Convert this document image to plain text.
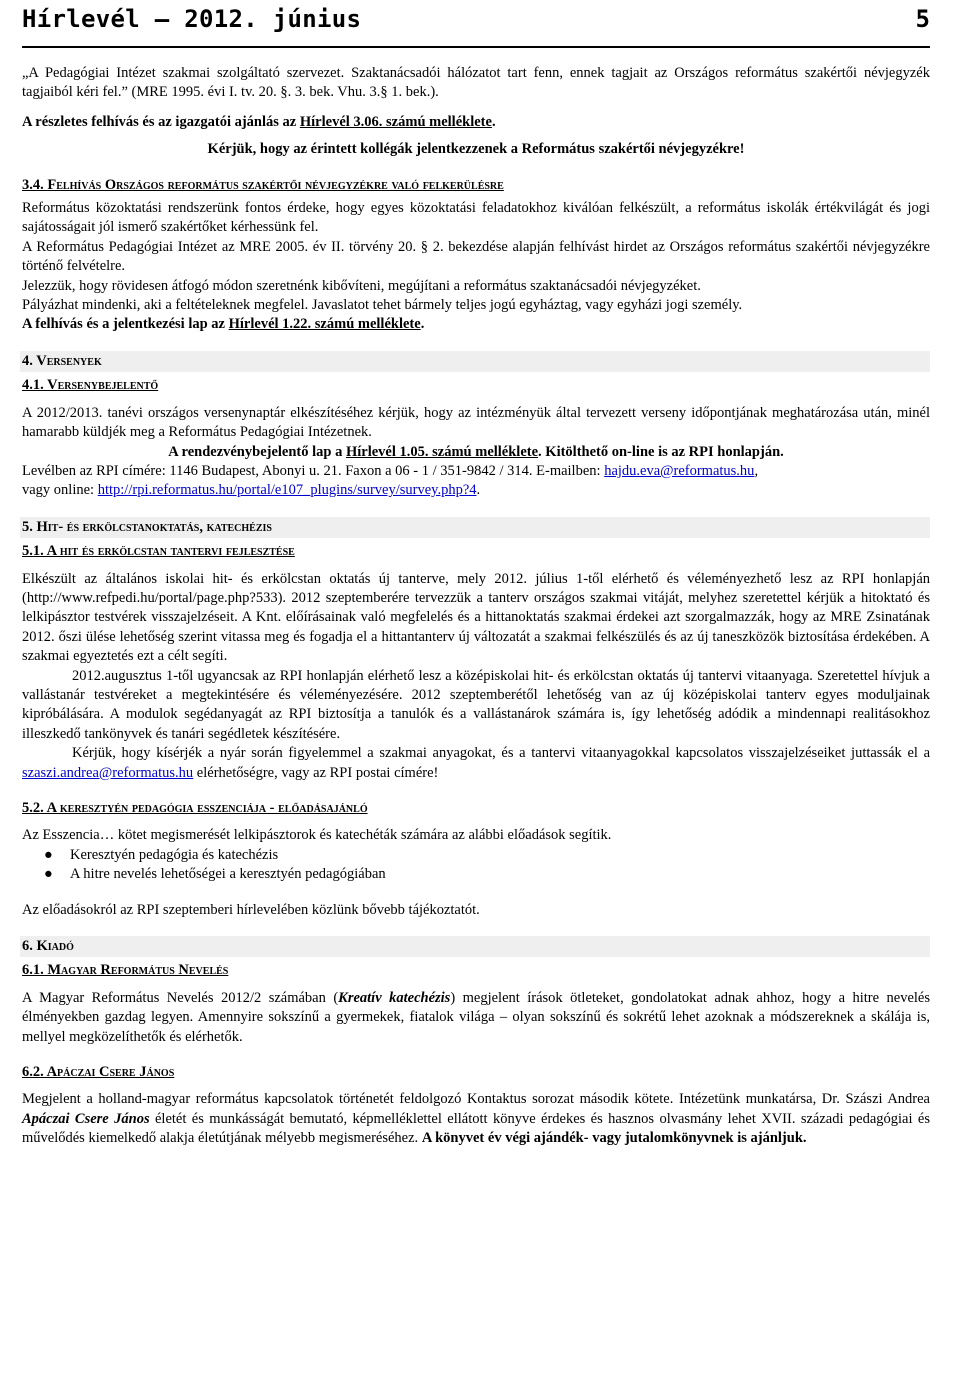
Hírlevél – 2012. június	5

„A Pedagógiai Intézet szakmai szolgáltató szervezet. Szaktanácsadói hálózatot tart fenn, ennek tagjait az Országos református szakértői névjegyzék tagjaiból kéri fel.” (MRE 1995. évi I. tv. 20. §. 3. bek. Vhu. 3.§ 1. bek.).

A részletes felhívás és az igazgatói ajánlás az Hírlevél 3.06. számú melléklete.

Kérjük, hogy az érintett kollégák jelentkezzenek a Református szakértői névjegyzékre!

3.4. Felhívás Országos református szakértői névjegyzékre való felkerülésre

Református közoktatási rendszerünk fontos érdeke, hogy egyes közoktatási feladatokhoz kiválóan felkészült, a református iskolák értékvilágát és jogi sajátosságait jól ismerő szakértőket kérhessünk fel.

A Református Pedagógiai Intézet az MRE 2005. év II. törvény 20. § 2. bekezdése alapján felhívást hirdet az Országos református szakértői névjegyzékre történő felvételre.

Jelezzük, hogy rövidesen átfogó módon szeretnénk kibővíteni, megújítani a református szaktanácsadói névjegyzéket.

Pályázhat mindenki, aki a feltételeknek megfelel. Javaslatot tehet bármely teljes jogú egyháztag, vagy egyházi jogi személy.

A felhívás és a jelentkezési lap az Hírlevél 1.22. számú melléklete.

4. Versenyek

4.1. Versenybejelentő

A 2012/2013. tanévi országos versenynaptár elkészítéséhez kérjük, hogy az intézményük által tervezett verseny időpontjának meghatározása után, minél hamarabb küldjék meg a Református Pedagógiai Intézetnek.

A rendezvénybejelentő lap a Hírlevél 1.05. számú melléklete. Kitölthető on-line is az RPI honlapján.

Levélben az RPI címére: 1146 Budapest, Abonyi u. 21. Faxon a 06 - 1 / 351-9842 / 314. E-mailben: hajdu.eva@reformatus.hu,

vagy online: http://rpi.reformatus.hu/portal/e107_plugins/survey/survey.php?4.

5. Hit- és erkölcstanoktatás, katechézis

5.1. A hit és erkölcstan tantervi fejlesztése

Elkészült az általános iskolai hit- és erkölcstan oktatás új tanterve, mely 2012. július 1-től elérhető és véleményezhető lesz az RPI honlapján (http://www.refpedi.hu/portal/page.php?533). 2012 szeptemberére tervezzük a tanterv országos szakmai vitáját, melyhez szeretettel kérjük a hitoktató és lelkipásztor testvérek visszajelzéseit. A Knt. előírásainak való megfelelés és a hittanoktatás szakmai érdekei azt szorgalmazzák, hogy az MRE Zsinatának 2012. őszi ülése lehetőség szerint vitassa meg és fogadja el a hittantanterv új változatát a szakmai felkészülés és az új taneszközök biztosítása érdekében. A szakmai egyeztetés ezt a célt segíti.

2012.augusztus 1-től ugyancsak az RPI honlapján elérhető lesz a középiskolai hit- és erkölcstan oktatás új tantervi vitaanyaga. Szeretettel hívjuk a vallástanár testvéreket a megtekintésére és véleményezésére. 2012 szeptemberétől lehetőség van az új középiskolai tanterv egyes moduljainak kipróbálására. A modulok segédanyagát az RPI biztosítja a tanulók és a vallástanárok számára is, így lehetőség adódik a mindennapi realitásokhoz illeszkedő tankönyvek és tanári segédletek készítésére.

Kérjük, hogy kísérjék a nyár során figyelemmel a szakmai anyagokat, és a tantervi vitaanyagokkal kapcsolatos visszajelzéseiket juttassák el a szaszi.andrea@reformatus.hu elérhetőségre, vagy az RPI postai címére!

5.2. A keresztyén pedagógia esszenciája - előadásajánló

Az Esszencia… kötet megismerését lelkipásztorok és katechéták számára az alábbi előadások segítik.

● Keresztyén pedagógia és katechézis
● A hitre nevelés lehetőségei a keresztyén pedagógiában

Az előadásokról az RPI szeptemberi hírlevelében közlünk bővebb tájékoztatót.

6. Kiadó

6.1. Magyar Református Nevelés

A Magyar Református Nevelés 2012/2 számában (Kreatív katechézis) megjelent írások ötleteket, gondolatokat adnak ahhoz, hogy a hitre nevelés élményekben gazdag legyen. Amennyire sokszínű a gyermekek, fiatalok világa – olyan sokszínű és sokrétű lehet azoknak a módszereknek a skálája is, mellyel megközelíthetők és elérhetők.

6.2. Apáczai Csere János

Megjelent a holland-magyar református kapcsolatok történetét feldolgozó Kontaktus sorozat második kötete. Intézetünk munkatársa, Dr. Szászi Andrea Apáczai Csere János életét és munkásságát bemutató, képmelléklettel ellátott könyve érdekes és hasznos olvasmány lehet XVII. századi pedagógiai és művelődés kiemelkedő alakja életútjának mélyebb megismeréséhez. A könyvet év végi ajándék- vagy jutalomkönyvnek is ajánljuk.
